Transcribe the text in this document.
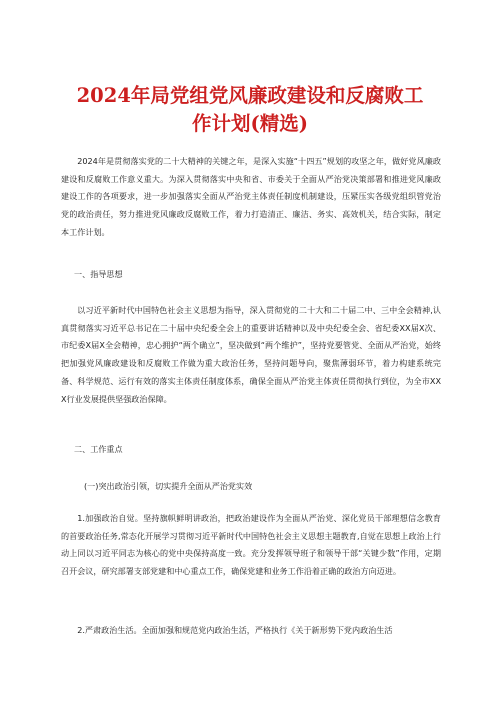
2024年局党组党风廉政建设和反腐败工
作计划(精选)

2024年是贯彻落实党的二十大精神的关键之年，是深入实施“十四五”规划的攻坚之年，做好党风廉政建设和反腐败工作意义重大。为深入贯彻落实中央和省、市委关于全面从严治党决策部署和推进党风廉政建设工作的各项要求，进一步加强落实全面从严治党主体责任制度机制建设，压紧压实各级党组织管党治党的政治责任，努力推进党风廉政反腐败工作，着力打造清正、廉洁、务实、高效机关，结合实际，制定本工作计划。

一、指导思想

以习近平新时代中国特色社会主义思想为指导，深入贯彻党的二十大和二十届二中、三中全会精神,认真贯彻落实习近平总书记在二十届中央纪委全会上的重要讲话精神以及中央纪委全会、省纪委XX届X次、市纪委X届X全会精神，忠心拥护“两个确立”，坚决做到“两个维护”，坚持党要管党、全面从严治党，始终把加强党风廉政建设和反腐败工作做为重大政治任务，坚持问题导向，聚焦薄弱环节，着力构建系统完备、科学规范、运行有效的落实主体责任制度体系，确保全面从严治党主体责任贯彻执行到位，为全市XXX行业发展提供坚强政治保障。

二、工作重点

(一)突出政治引领，切实提升全面从严治党实效

1.加强政治自觉。坚持旗帜鲜明讲政治，把政治建设作为全面从严治党、深化党员干部理想信念教育的首要政治任务,常态化开展学习贯彻习近平新时代中国特色社会主义思想主题教育,自觉在思想上政治上行动上同以习近平同志为核心的党中央保持高度一致。充分发挥领导班子和领导干部“关键少数”作用，定期召开会议，研究部署支部党建和中心重点工作，确保党建和业务工作沿着正确的政治方向迈进。

2.严肃政治生活。全面加强和规范党内政治生活，严格执行《关于新形势下党内政治生活
